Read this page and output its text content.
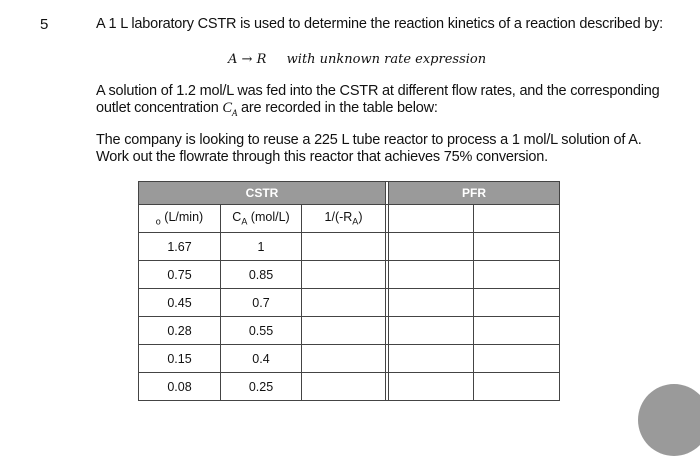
5	A 1 L laboratory CSTR is used to determine the reaction kinetics of a reaction described by:
A → R with unknown rate expression
A solution of 1.2 mol/L was fed into the CSTR at different flow rates, and the corresponding outlet concentration $C_A$ are recorded in the table below:
The company is looking to reuse a 225 L tube reactor to process a 1 mol/L solution of A. Work out the flowrate through this reactor that achieves 75% conversion.
CSTR				PFR	
$_o$ (L/min)	$C_A$ (mol/L)	$1/(-R_A)$			
1.67	1				
0.75	0.85				
0.45	0.7				
0.28	0.55				
0.15	0.4				
0.08	0.25				
